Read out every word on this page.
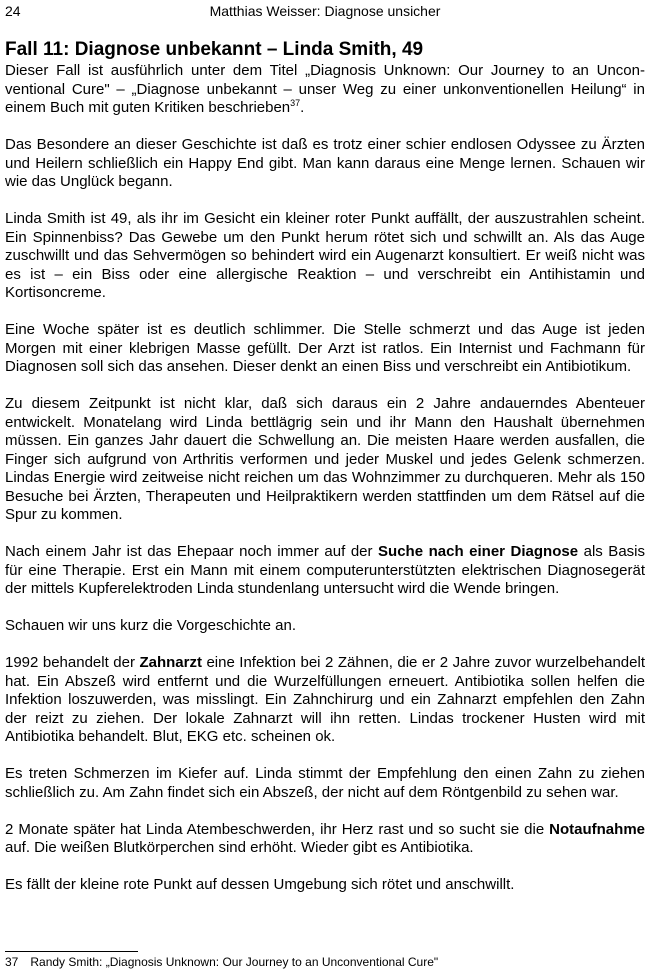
24	Matthias Weisser: Diagnose unsicher
Fall 11: Diagnose unbekannt – Linda Smith, 49

Dieser Fall ist ausführlich unter dem Titel „Diagnosis Unknown: Our Journey to an Unconventional Cure" – „Diagnose unbekannt – unser Weg zu einer unkonventionellen Heilung“ in einem Buch mit guten Kritiken beschrieben$^{37}$.

Das Besondere an dieser Geschichte ist daß es trotz einer schier endlosen Odyssee zu Ärzten und Heilern schließlich ein Happy End gibt. Man kann daraus eine Menge lernen. Schauen wir wie das Unglück begann.

Linda Smith ist 49, als ihr im Gesicht ein kleiner roter Punkt auffällt, der auszustrahlen scheint. Ein Spinnenbiss? Das Gewebe um den Punkt herum rötet sich und schwillt an. Als das Auge zuschwillt und das Sehvermögen so behindert wird ein Augenarzt konsultiert. Er weiß nicht was es ist – ein Biss oder eine allergische Reaktion – und verschreibt ein Antihistamin und Kortisoncreme.

Eine Woche später ist es deutlich schlimmer. Die Stelle schmerzt und das Auge ist jeden Morgen mit einer klebrigen Masse gefüllt. Der Arzt ist ratlos. Ein Internist und Fachmann für Diagnosen soll sich das ansehen. Dieser denkt an einen Biss und verschreibt ein Antibiotikum.

Zu diesem Zeitpunkt ist nicht klar, daß sich daraus ein 2 Jahre andauerndes Abenteuer entwickelt. Monatelang wird Linda bettlägrig sein und ihr Mann den Haushalt übernehmen müssen. Ein ganzes Jahr dauert die Schwellung an. Die meisten Haare werden ausfallen, die Finger sich aufgrund von Arthritis verformen und jeder Muskel und jedes Gelenk schmerzen. Lindas Energie wird zeitweise nicht reichen um das Wohnzimmer zu durchqueren. Mehr als 150 Besuche bei Ärzten, Therapeuten und Heilpraktikern werden stattfinden um dem Rätsel auf die Spur zu kommen.

Nach einem Jahr ist das Ehepaar noch immer auf der Suche nach einer Diagnose als Basis für eine Therapie. Erst ein Mann mit einem computerunterstützten elektrischen Diagnosegerät der mittels Kupferelektroden Linda stundenlang untersucht wird die Wende bringen.

Schauen wir uns kurz die Vorgeschichte an.

1992 behandelt der Zahnarzt eine Infektion bei 2 Zähnen, die er 2 Jahre zuvor wurzelbehandelt hat. Ein Abszeß wird entfernt und die Wurzelfüllungen erneuert. Antibiotika sollen helfen die Infektion loszuwerden, was misslingt. Ein Zahnchirurg und ein Zahnarzt empfehlen den Zahn der reizt zu ziehen. Der lokale Zahnarzt will ihn retten. Lindas trockener Husten wird mit Antibiotika behandelt. Blut, EKG etc. scheinen ok.

Es treten Schmerzen im Kiefer auf. Linda stimmt der Empfehlung den einen Zahn zu ziehen schließlich zu. Am Zahn findet sich ein Abszeß, der nicht auf dem Röntgenbild zu sehen war.

2 Monate später hat Linda Atembeschwerden, ihr Herz rast und so sucht sie die Notaufnahme auf. Die weißen Blutkörperchen sind erhöht. Wieder gibt es Antibiotika.

Es fällt der kleine rote Punkt auf dessen Umgebung sich rötet und anschwillt.

37 Randy Smith: „Diagnosis Unknown: Our Journey to an Unconventional Cure"
